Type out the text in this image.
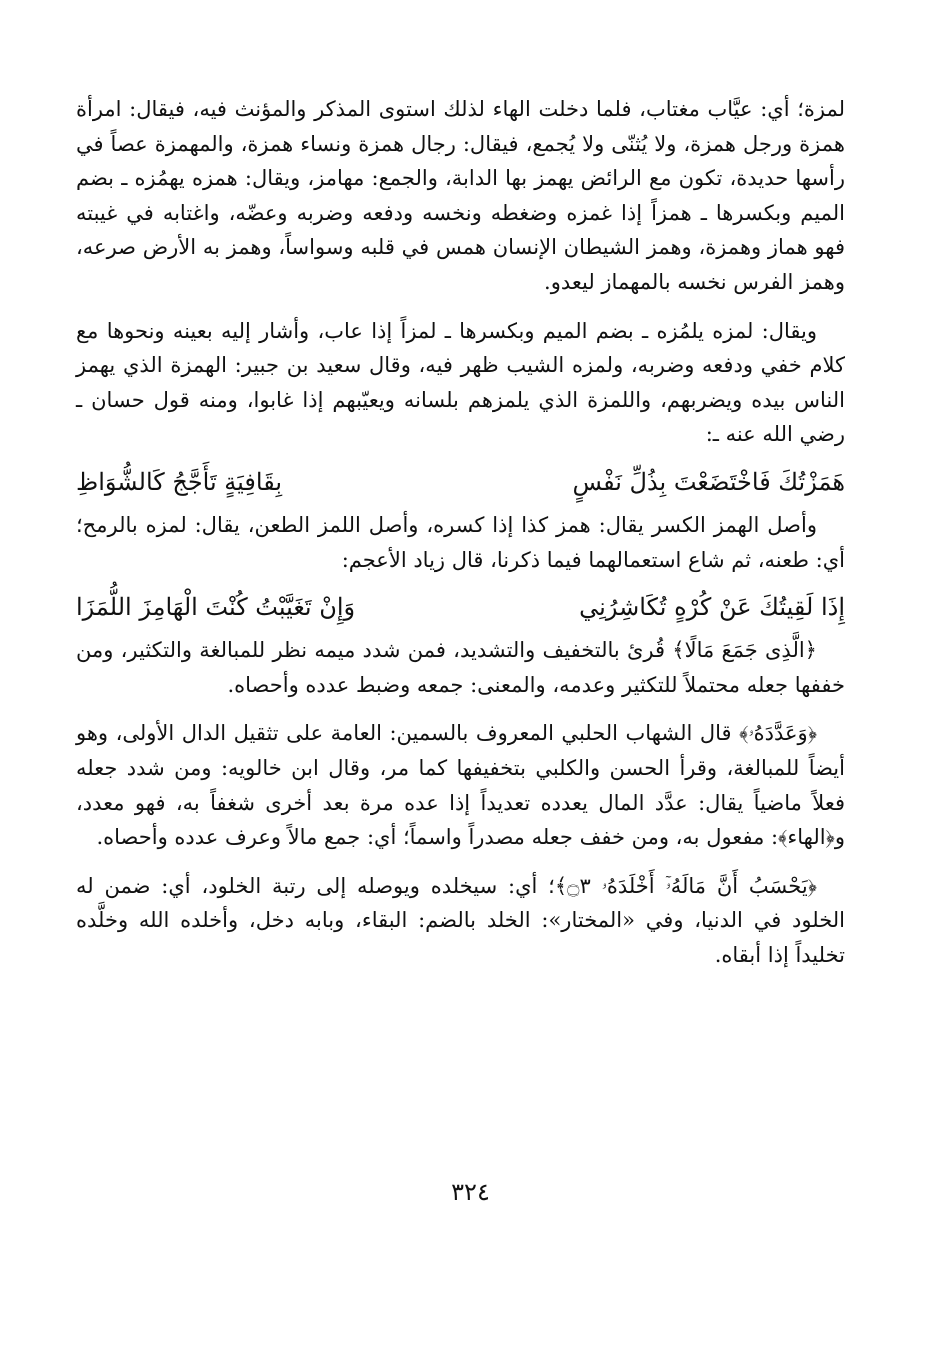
لمزة؛ أي: عيَّاب مغتاب، فلما دخلت الهاء لذلك استوى المذكر والمؤنث فيه، فيقال: امرأة همزة ورجل همزة، ولا يُثنّى ولا يُجمع، فيقال: رجال همزة ونساء همزة، والمهمزة عصاً في رأسها حديدة، تكون مع الرائض يهمز بها الدابة، والجمع: مهامز، ويقال: همزه يهمُزه ـ بضم الميم وبكسرها ـ همزاً إذا غمزه وضغطه ونخسه ودفعه وضربه وعضّه، واغتابه في غيبته فهو هماز وهمزة، وهمز الشيطان الإنسان همس في قلبه وسواساً، وهمز به الأرض صرعه، وهمز الفرس نخسه بالمهماز ليعدو.

ويقال: لمزه يلمُزه ـ بضم الميم وبكسرها ـ لمزاً إذا عاب، وأشار إليه بعينه ونحوها مع كلام خفي ودفعه وضربه، ولمزه الشيب ظهر فيه، وقال سعيد بن جبير: الهمزة الذي يهمز الناس بيده ويضربهم، واللمزة الذي يلمزهم بلسانه ويعيّبهم إذا غابوا، ومنه قول حسان ـ رضي الله عنه ـ:

هَمَزْتُكَ فَاخْتَضَعْتَ بِذُلِّ نَفْسٍ
بِقَافِيَةٍ تَأَجَّجُ كَالشُّوَاظِ

وأصل الهمز الكسر يقال: همز كذا إذا كسره، وأصل اللمز الطعن، يقال: لمزه بالرمح؛ أي: طعنه، ثم شاع استعمالهما فيما ذكرنا، قال زياد الأعجم:

إِذَا لَقِيتُكَ عَنْ كُرْهٍ تُكَاشِرُنِي
وَإِنْ تَغَيَّبْتُ كُنْتَ الْهَامِزَ اللُّمَزَا

﴿الَّذِى جَمَعَ مَالًا﴾ قُرئ بالتخفيف والتشديد، فمن شدد ميمه نظر للمبالغة والتكثير، ومن خففها جعله محتملاً للتكثير وعدمه، والمعنى: جمعه وضبط عدده وأحصاه.

﴿وَعَدَّدَهُۥ﴾ قال الشهاب الحلبي المعروف بالسمين: العامة على تثقيل الدال الأولى، وهو أيضاً للمبالغة، وقرأ الحسن والكلبي بتخفيفها كما مر، وقال ابن خالويه: ومن شدد جعله فعلاً ماضياً يقال: عدَّد المال يعدده تعديداً إذا عده مرة بعد أخرى شغفاً به، فهو معدد، و﴿الهاء﴾: مفعول به، ومن خفف جعله مصدراً واسماً؛ أي: جمع مالاً وعرف عدده وأحصاه.

﴿يَحْسَبُ أَنَّ مَالَهُۥٓ أَخْلَدَهُۥ ۝٣﴾؛ أي: سيخلده ويوصله إلى رتبة الخلود، أي: ضمن له الخلود في الدنيا، وفي «المختار»: الخلد بالضم: البقاء، وبابه دخل، وأخلده الله وخلَّده تخليداً إذا أبقاه.

٣٢٤
